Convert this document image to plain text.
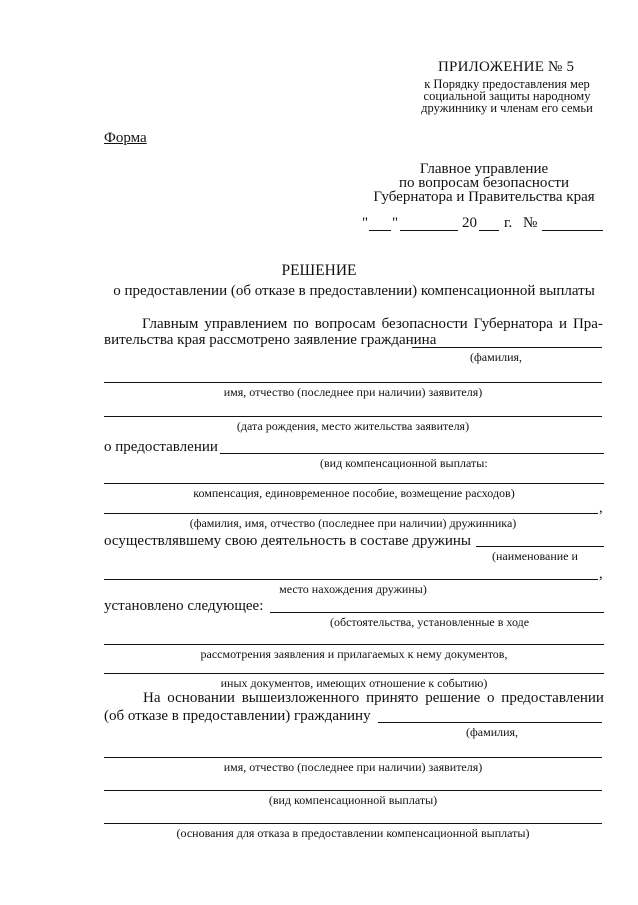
ПРИЛОЖЕНИЕ № 5
к Порядку предоставления мер
социальной защиты народному
дружиннику и членам его семьи
Форма
Главное управление
по вопросам безопасности
Губернатора и Правительства края
" "	20 г. №
РЕШЕНИЕ
о предоставлении (об отказе в предоставлении) компенсационной выплаты
Главным управлением по вопросам безопасности Губернатора и Пра-
вительства края рассмотрено заявление гражданина
(фамилия,
имя, отчество (последнее при наличии) заявителя)
(дата рождения, место жительства заявителя)
о предоставлении
(вид компенсационной выплаты:
компенсация, единовременное пособие, возмещение расходов)
,
(фамилия, имя, отчество (последнее при наличии) дружинника)
осуществлявшему свою деятельность в составе дружины
(наименование и
,
место нахождения дружины)
установлено следующее:
(обстоятельства, установленные в ходе
рассмотрения заявления и прилагаемых к нему документов,
иных документов, имеющих отношение к событию)
На основании вышеизложенного принято решение о предоставлении
(об отказе в предоставлении) гражданину
(фамилия,
имя, отчество (последнее при наличии) заявителя)
(вид компенсационной выплаты)
(основания для отказа в предоставлении компенсационной выплаты)
